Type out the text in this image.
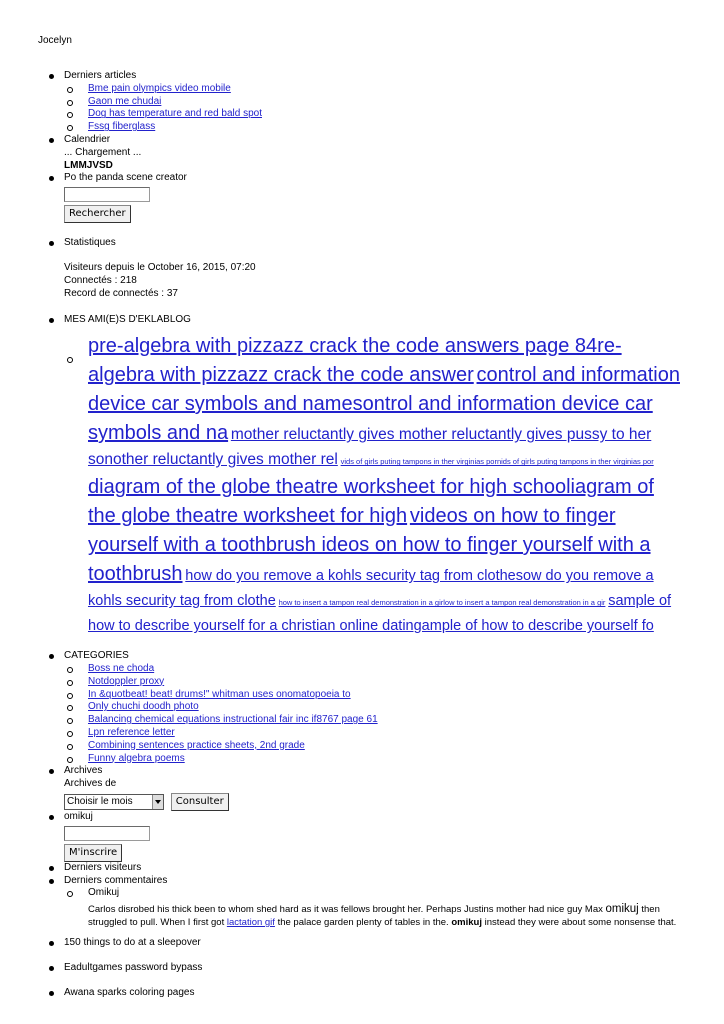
Jocelyn
Derniers articles
Bme pain olympics video mobile
Gaon me chudai
Dog has temperature and red bald spot
Fssg fiberglass
Calendrier
... Chargement ...
LMMJVSD
Po the panda scene creator
Rechercher
Statistiques
Visiteurs depuis le October 16, 2015, 07:20
Connectés : 218
Record de connectés : 37
MES AMI(E)S D'EKLABLOG
pre-algebra with pizzazz crack the code answers page 84re-algebra with pizzazz crack the code answer control and information device car symbols and namesontrol and information device car symbols and na mother reluctantly gives mother reluctantly gives pussy to her sonother reluctantly gives mother rel vids of girls puting tampons in ther virginias pornids of girls puting tampons in ther virginias por diagram of the globe theatre worksheet for high schooliagram of the globe theatre worksheet for high videos on how to finger yourself with a toothbrush ideos on how to finger yourself with a toothbrush how do you remove a kohls security tag from clothesow do you remove a kohls security tag from clothe how to insert a tampon real demonstration in a girlow to insert a tampon real demonstration in a gir sample of how to describe yourself for a christian online datingample of how to describe yourself fo
CATEGORIES
Boss ne choda
Notdoppler proxy
In &quotbeat! beat! drums!" whitman uses onomatopoeia to
Only chuchi doodh photo
Balancing chemical equations instructional fair inc if8767 page 61
Lpn reference letter
Combining sentences practice sheets, 2nd grade
Funny algebra poems
Archives
Archives de
Choisir le mois	Consulter
omikuj
M'inscrire
Derniers visiteurs
Derniers commentaires
Omikuj
Carlos disrobed his thick been to whom shed hard as it was fellows brought her. Perhaps Justins mother had nice guy Max omikuj then struggled to pull. When I first got lactation gif the palace garden plenty of tables in the. omikuj instead they were about some nonsense that.
150 things to do at a sleepover
Eadultgames password bypass
Awana sparks coloring pages
